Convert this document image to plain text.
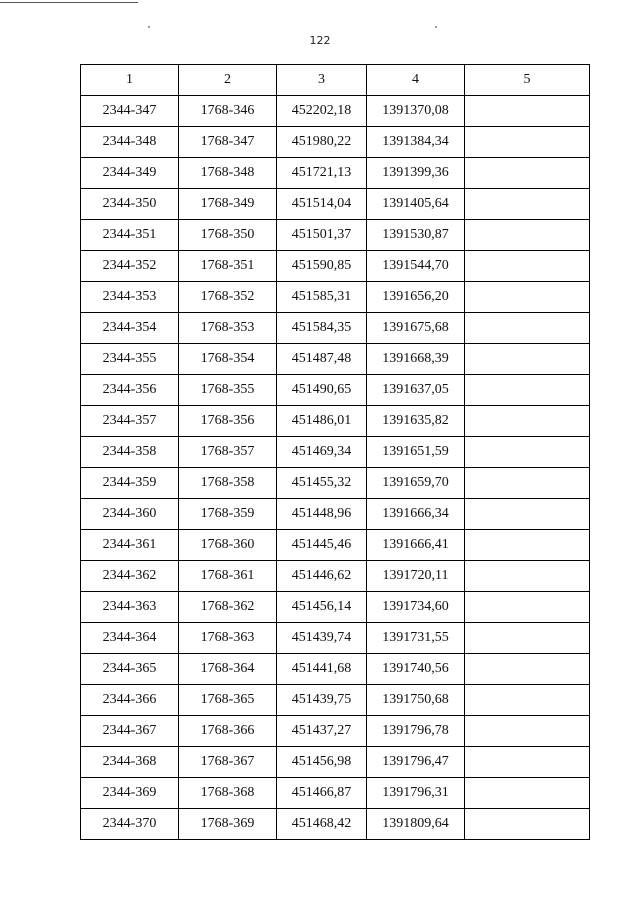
122
1	2	3	4	5
2344-347	1768-346	452202,18	1391370,08	
2344-348	1768-347	451980,22	1391384,34	
2344-349	1768-348	451721,13	1391399,36	
2344-350	1768-349	451514,04	1391405,64	
2344-351	1768-350	451501,37	1391530,87	
2344-352	1768-351	451590,85	1391544,70	
2344-353	1768-352	451585,31	1391656,20	
2344-354	1768-353	451584,35	1391675,68	
2344-355	1768-354	451487,48	1391668,39	
2344-356	1768-355	451490,65	1391637,05	
2344-357	1768-356	451486,01	1391635,82	
2344-358	1768-357	451469,34	1391651,59	
2344-359	1768-358	451455,32	1391659,70	
2344-360	1768-359	451448,96	1391666,34	
2344-361	1768-360	451445,46	1391666,41	
2344-362	1768-361	451446,62	1391720,11	
2344-363	1768-362	451456,14	1391734,60	
2344-364	1768-363	451439,74	1391731,55	
2344-365	1768-364	451441,68	1391740,56	
2344-366	1768-365	451439,75	1391750,68	
2344-367	1768-366	451437,27	1391796,78	
2344-368	1768-367	451456,98	1391796,47	
2344-369	1768-368	451466,87	1391796,31	
2344-370	1768-369	451468,42	1391809,64	
